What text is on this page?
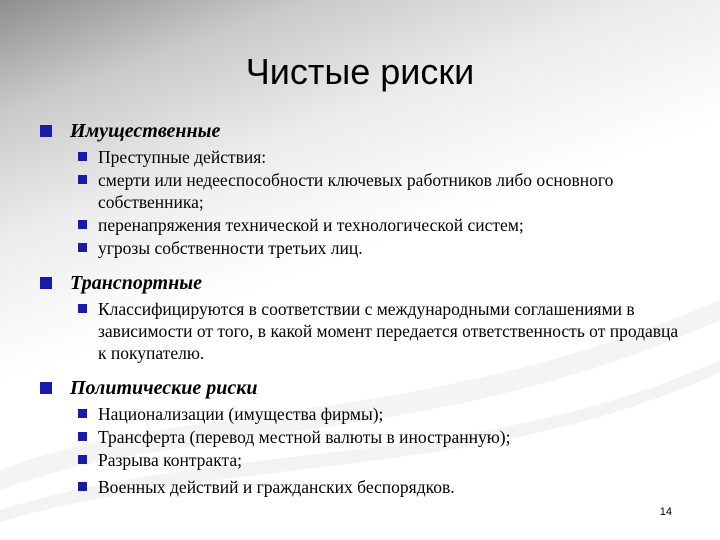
Чистые риски
Имущественные
Преступные действия:
смерти или недееспособности ключевых работников либо основного собственника;
перенапряжения технической и технологической систем;
угрозы собственности третьих лиц.
Транспортные
Классифицируются в соответствии с международными соглашениями в зависимости от того, в какой момент передается ответственность от продавца к покупателю.
Политические риски
Национализации (имущества фирмы);
Трансферта (перевод местной валюты в иностранную);
Разрыва контракта;
Военных действий и гражданских беспорядков.
14
